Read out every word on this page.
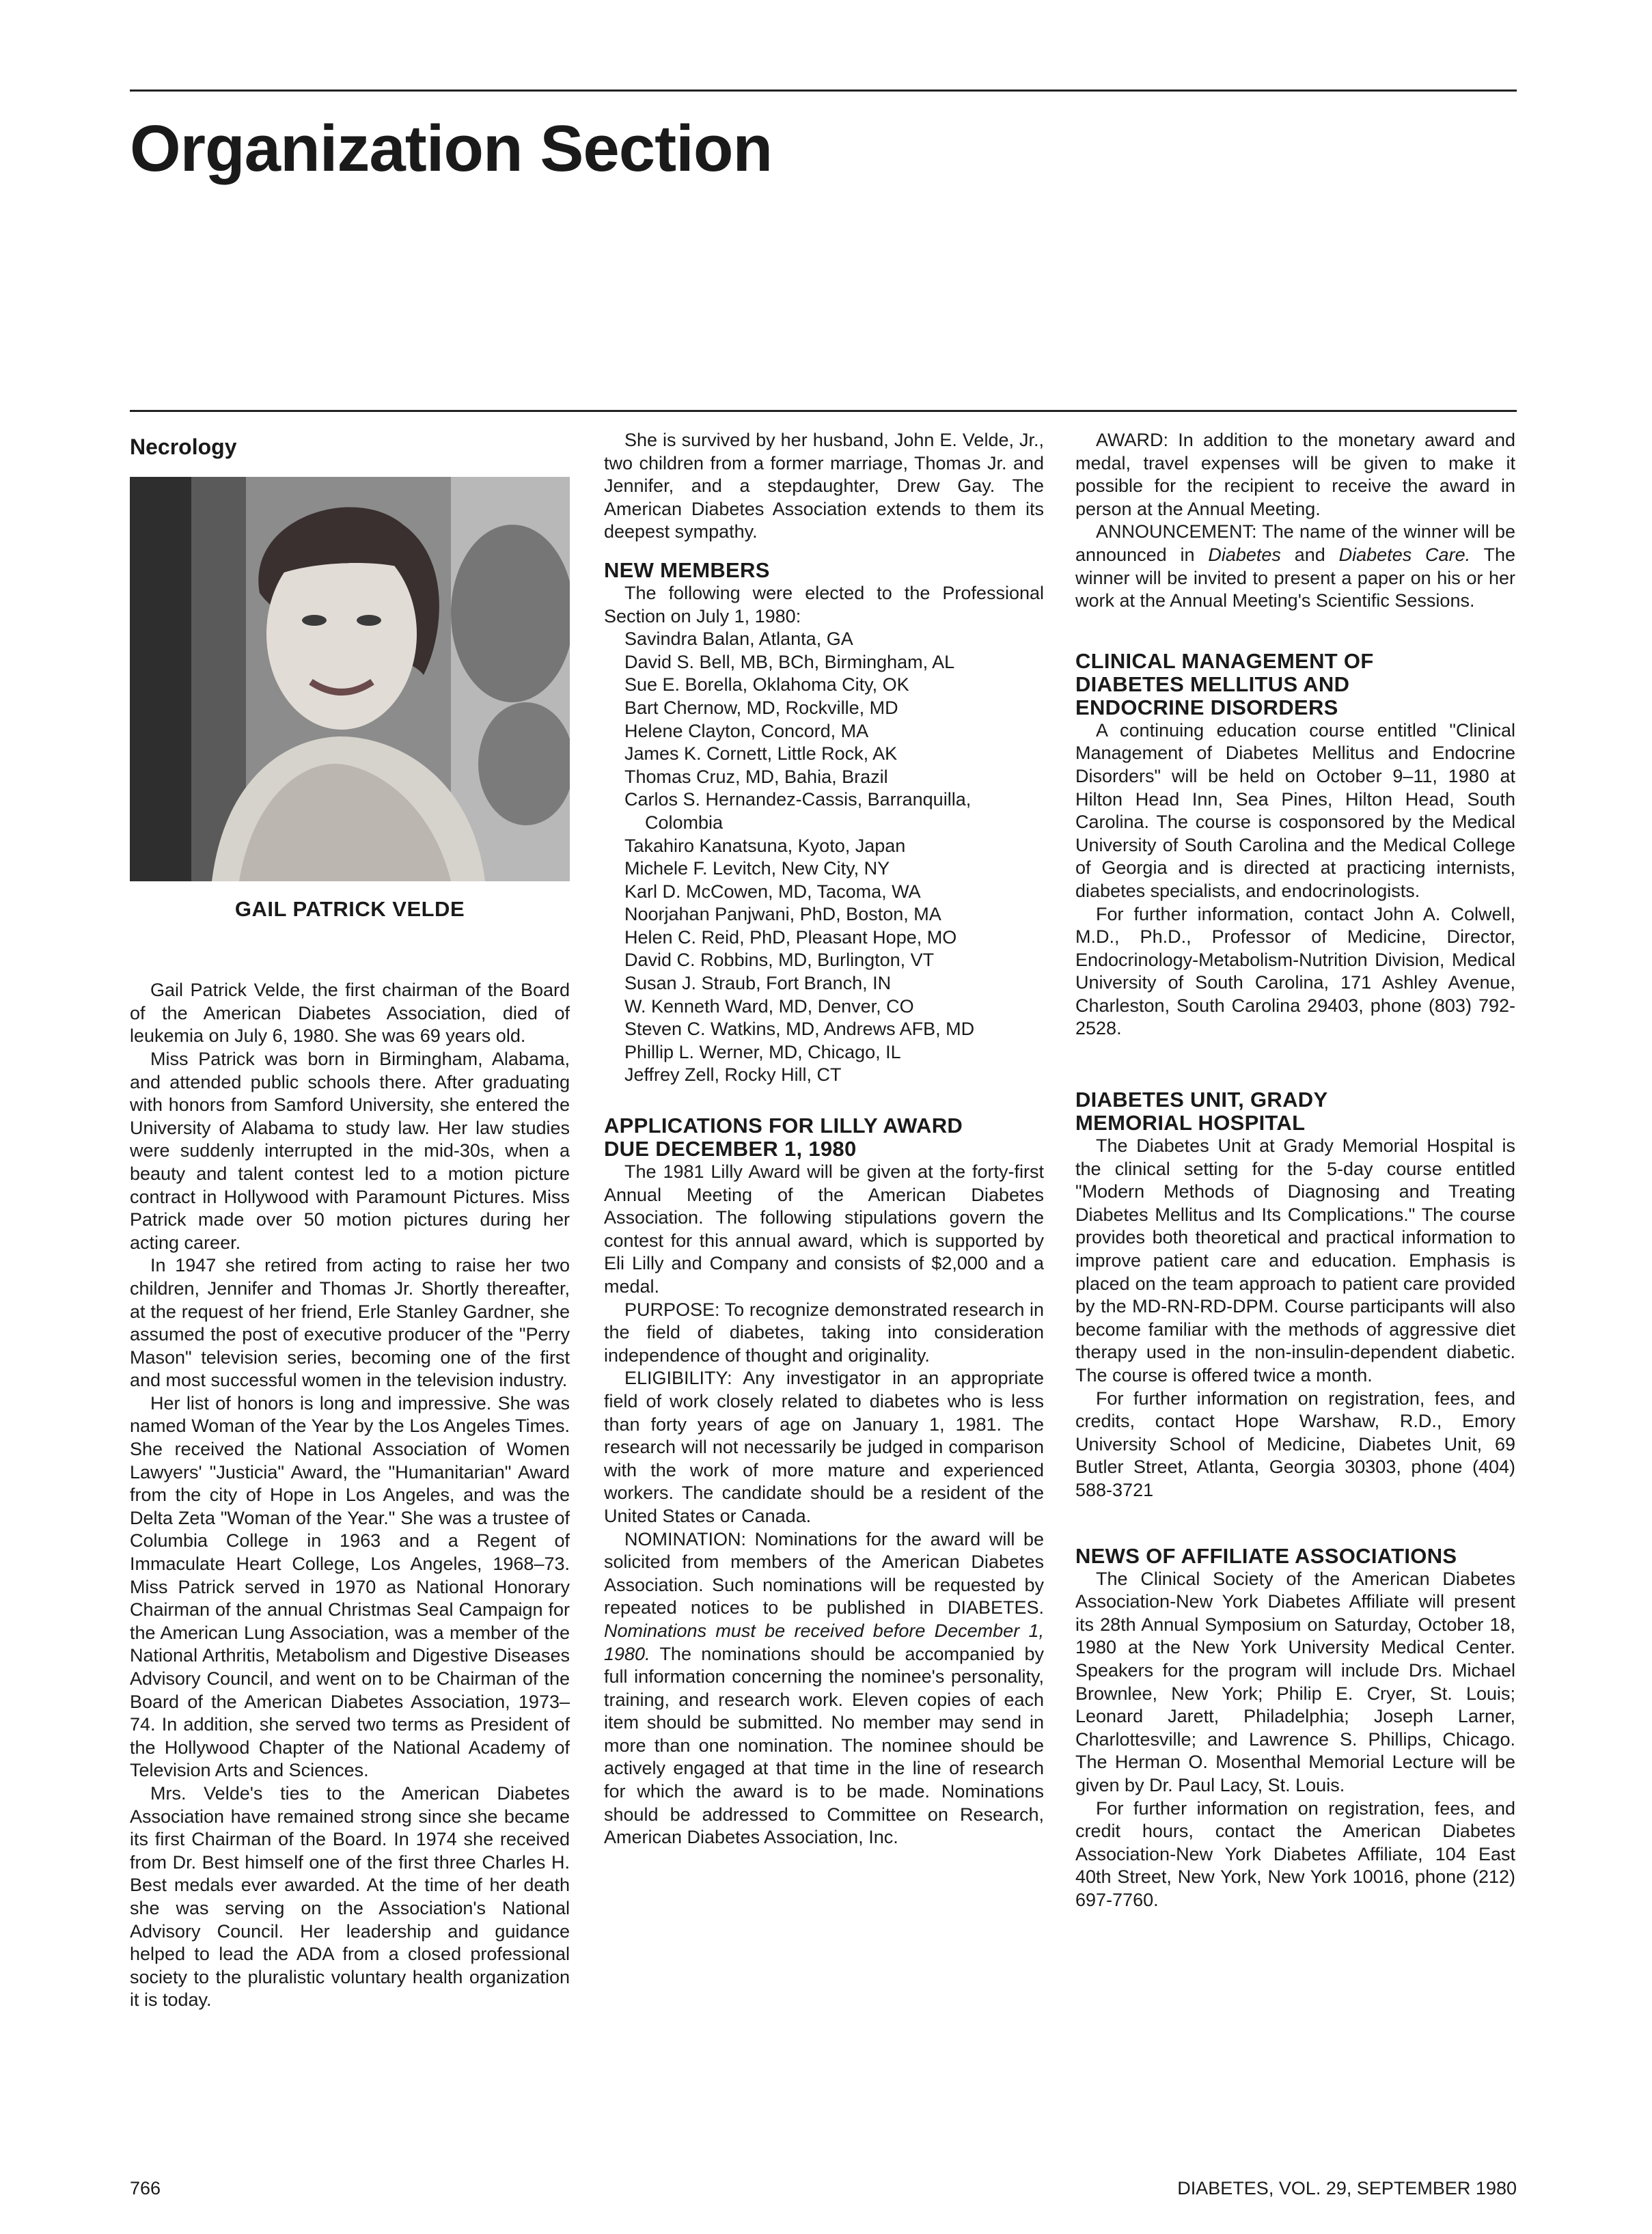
Organization Section
Necrology
GAIL PATRICK VELDE

Gail Patrick Velde, the first chairman of the Board of the American Diabetes Association, died of leukemia on July 6, 1980. She was 69 years old.

Miss Patrick was born in Birmingham, Alabama, and attended public schools there. After graduating with honors from Samford University, she entered the University of Alabama to study law. Her law studies were suddenly interrupted in the mid-30s, when a beauty and talent contest led to a motion picture contract in Hollywood with Paramount Pictures. Miss Patrick made over 50 motion pictures during her acting career.

In 1947 she retired from acting to raise her two children, Jennifer and Thomas Jr. Shortly thereafter, at the request of her friend, Erle Stanley Gardner, she assumed the post of executive producer of the "Perry Mason" television series, becoming one of the first and most successful women in the television industry.

Her list of honors is long and impressive. She was named Woman of the Year by the Los Angeles Times. She received the National Association of Women Lawyers' "Justicia" Award, the "Humanitarian" Award from the city of Hope in Los Angeles, and was the Delta Zeta "Woman of the Year." She was a trustee of Columbia College in 1963 and a Regent of Immaculate Heart College, Los Angeles, 1968–73. Miss Patrick served in 1970 as National Honorary Chairman of the annual Christmas Seal Campaign for the American Lung Association, was a member of the National Arthritis, Metabolism and Digestive Diseases Advisory Council, and went on to be Chairman of the Board of the American Diabetes Association, 1973–74. In addition, she served two terms as President of the Hollywood Chapter of the National Academy of Television Arts and Sciences.

Mrs. Velde's ties to the American Diabetes Association have remained strong since she became its first Chairman of the Board. In 1974 she received from Dr. Best himself one of the first three Charles H. Best medals ever awarded. At the time of her death she was serving on the Association's National Advisory Council. Her leadership and guidance helped to lead the ADA from a closed professional society to the pluralistic voluntary health organization it is today.

She is survived by her husband, John E. Velde, Jr., two children from a former marriage, Thomas Jr. and Jennifer, and a stepdaughter, Drew Gay. The American Diabetes Association extends to them its deepest sympathy.

NEW MEMBERS

The following were elected to the Professional Section on July 1, 1980:

Savindra Balan, Atlanta, GA
David S. Bell, MB, BCh, Birmingham, AL
Sue E. Borella, Oklahoma City, OK
Bart Chernow, MD, Rockville, MD
Helene Clayton, Concord, MA
James K. Cornett, Little Rock, AK
Thomas Cruz, MD, Bahia, Brazil
Carlos S. Hernandez-Cassis, Barranquilla,
Colombia
Takahiro Kanatsuna, Kyoto, Japan
Michele F. Levitch, New City, NY
Karl D. McCowen, MD, Tacoma, WA
Noorjahan Panjwani, PhD, Boston, MA
Helen C. Reid, PhD, Pleasant Hope, MO
David C. Robbins, MD, Burlington, VT
Susan J. Straub, Fort Branch, IN
W. Kenneth Ward, MD, Denver, CO
Steven C. Watkins, MD, Andrews AFB, MD
Phillip L. Werner, MD, Chicago, IL
Jeffrey Zell, Rocky Hill, CT
APPLICATIONS FOR LILLY AWARD
DUE DECEMBER 1, 1980

The 1981 Lilly Award will be given at the forty-first Annual Meeting of the American Diabetes Association. The following stipulations govern the contest for this annual award, which is supported by Eli Lilly and Company and consists of $2,000 and a medal.

PURPOSE: To recognize demonstrated research in the field of diabetes, taking into consideration independence of thought and originality.

ELIGIBILITY: Any investigator in an appropriate field of work closely related to diabetes who is less than forty years of age on January 1, 1981. The research will not necessarily be judged in comparison with the work of more mature and experienced workers. The candidate should be a resident of the United States or Canada.

NOMINATION: Nominations for the award will be solicited from members of the American Diabetes Association. Such nominations will be requested by repeated notices to be published in DIABETES. Nominations must be received before December 1, 1980. The nominations should be accompanied by full information concerning the nominee's personality, training, and research work. Eleven copies of each item should be submitted. No member may send in more than one nomination. The nominee should be actively engaged at that time in the line of research for which the award is to be made. Nominations should be addressed to Committee on Research, American Diabetes Association, Inc.

AWARD: In addition to the monetary award and medal, travel expenses will be given to make it possible for the recipient to receive the award in person at the Annual Meeting.

ANNOUNCEMENT: The name of the winner will be announced in Diabetes and Diabetes Care. The winner will be invited to present a paper on his or her work at the Annual Meeting's Scientific Sessions.

CLINICAL MANAGEMENT OF
DIABETES MELLITUS AND
ENDOCRINE DISORDERS

A continuing education course entitled "Clinical Management of Diabetes Mellitus and Endocrine Disorders" will be held on October 9–11, 1980 at Hilton Head Inn, Sea Pines, Hilton Head, South Carolina. The course is cosponsored by the Medical University of South Carolina and the Medical College of Georgia and is directed at practicing internists, diabetes specialists, and endocrinologists.

For further information, contact John A. Colwell, M.D., Ph.D., Professor of Medicine, Director, Endocrinology-Metabolism-Nutrition Division, Medical University of South Carolina, 171 Ashley Avenue, Charleston, South Carolina 29403, phone (803) 792-2528.

DIABETES UNIT, GRADY
MEMORIAL HOSPITAL

The Diabetes Unit at Grady Memorial Hospital is the clinical setting for the 5-day course entitled "Modern Methods of Diagnosing and Treating Diabetes Mellitus and Its Complications." The course provides both theoretical and practical information to improve patient care and education. Emphasis is placed on the team approach to patient care provided by the MD-RN-RD-DPM. Course participants will also become familiar with the methods of aggressive diet therapy used in the non-insulin-dependent diabetic. The course is offered twice a month.

For further information on registration, fees, and credits, contact Hope Warshaw, R.D., Emory University School of Medicine, Diabetes Unit, 69 Butler Street, Atlanta, Georgia 30303, phone (404) 588-3721

NEWS OF AFFILIATE ASSOCIATIONS

The Clinical Society of the American Diabetes Association-New York Diabetes Affiliate will present its 28th Annual Symposium on Saturday, October 18, 1980 at the New York University Medical Center. Speakers for the program will include Drs. Michael Brownlee, New York; Philip E. Cryer, St. Louis; Leonard Jarett, Philadelphia; Joseph Larner, Charlottesville; and Lawrence S. Phillips, Chicago. The Herman O. Mosenthal Memorial Lecture will be given by Dr. Paul Lacy, St. Louis.

For further information on registration, fees, and credit hours, contact the American Diabetes Association-New York Diabetes Affiliate, 104 East 40th Street, New York, New York 10016, phone (212) 697-7760.

766	DIABETES, VOL. 29, SEPTEMBER 1980
